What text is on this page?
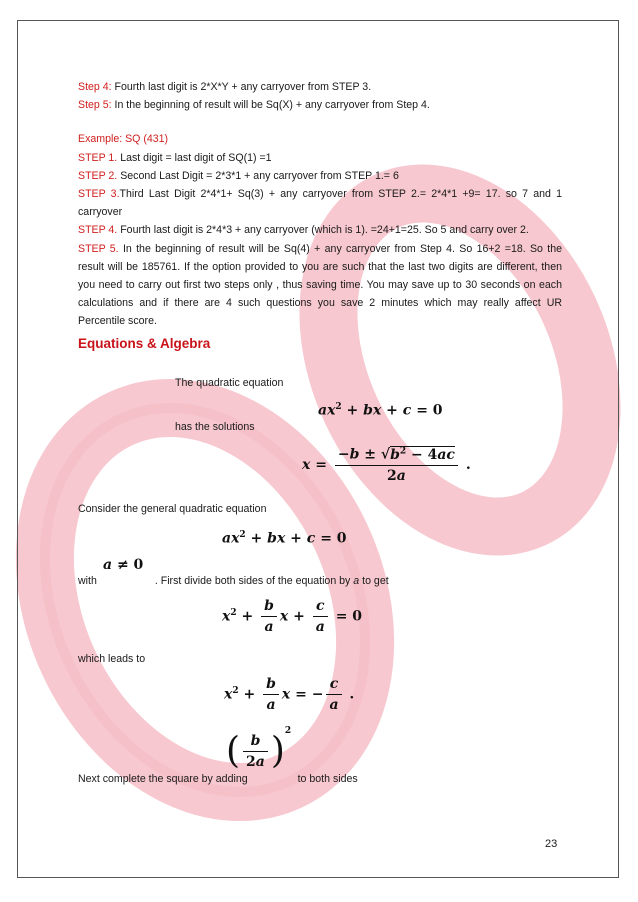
Step 4: Fourth last digit is 2*X*Y + any carryover from STEP 3.

Step 5: In the beginning of result will be Sq(X) + any carryover from Step 4.

Example: SQ (431)

STEP 1. Last digit = last digit of SQ(1) =1

STEP 2. Second Last Digit = 2*3*1 + any carryover from STEP 1.= 6

STEP 3.Third Last Digit 2*4*1+ Sq(3) + any carryover from STEP 2.= 2*4*1 +9= 17. so 7 and 1 carryover

STEP 4. Fourth last digit is 2*4*3 + any carryover (which is 1). =24+1=25. So 5 and carry over 2.

STEP 5. In the beginning of result will be Sq(4) + any carryover from Step 4. So 16+2 =18. So the result will be 185761. If the option provided to you are such that the last two digits are different, then you need to carry out first two steps only , thus saving time. You may save up to 30 seconds on each calculations and if there are 4 such questions you save 2 minutes which may really affect UR Percentile score.

Equations & Algebra

The quadratic equation

$ax^2$ + bx + c = 0

has the solutions

$x = \frac{-b \pm √b^2 - 4ac}{2a}$ .

Consider the general quadratic equation

$ax^2$ + bx + c = 0
a ≠ 0

with	. First divide both sides of the equation by a to get

$x^2 + \frac{b}{a}$ $x + \frac{c}{a} = 0$

which leads to

$x^2 + \frac{b}{a}$ x = − $\frac{c}{a}$ .
( $\frac{b}{2a} )^2$

Next complete the square by adding	to both sides

23
